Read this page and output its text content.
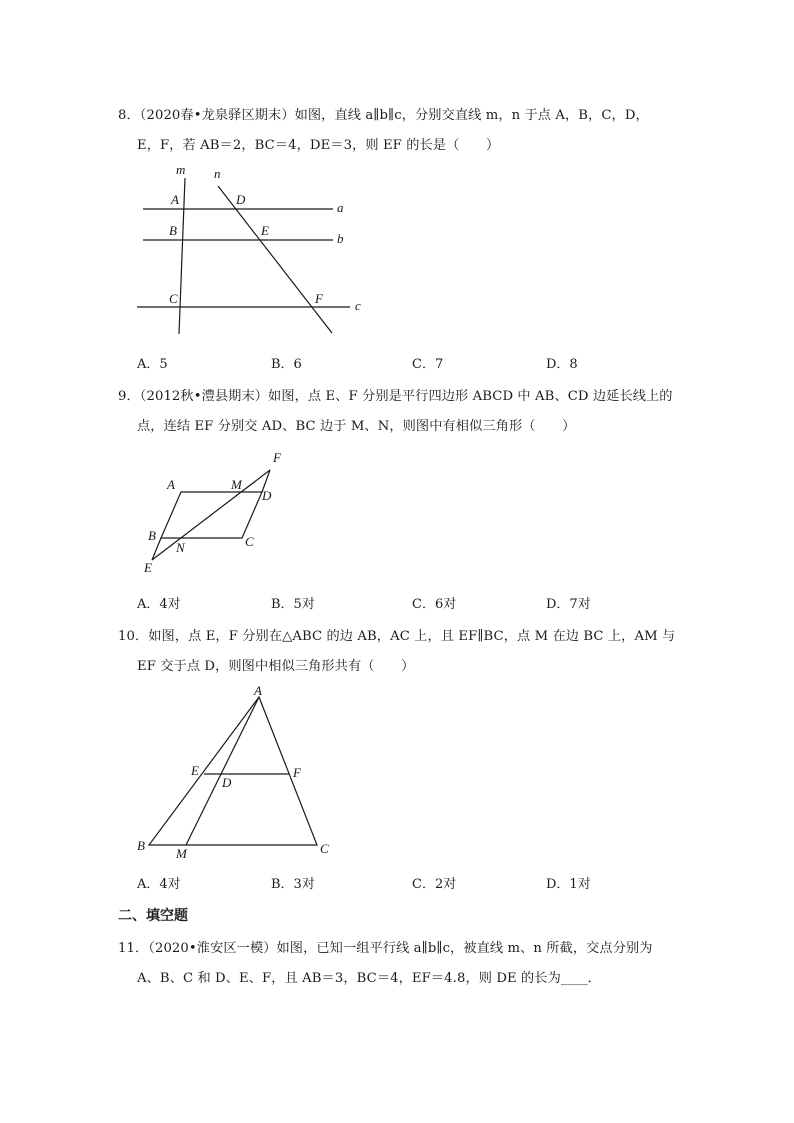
8．（2020春•龙泉驿区期末）如图，直线 a∥b∥c，分别交直线 m，n 于点 A，B，C，D，
E，F，若 AB＝2，BC＝4，DE＝3，则 EF 的长是（　　）
m n
a
b
c
A
B
C
D
E
F
A．5	B．6	C．7	D．8
9．（2012秋•澧县期末）如图，点 E、F 分别是平行四边形 ABCD 中 AB、CD 边延长线上的
点，连结 EF 分别交 AD、BC 边于 M、N，则图中有相似三角形（　　）
F
A	M
D
B	C
N
E
A．4对	B．5对	C．6对	D．7对
10．如图，点 E，F 分别在△ABC 的边 AB，AC 上，且 EF∥BC，点 M 在边 BC 上，AM 与
EF 交于点 D，则图中相似三角形共有（　　）
A
E	F
D
B
M	C
A．4对	B．3对	C．2对	D．1对
二、填空题
11．（2020•淮安区一模）如图，已知一组平行线 a∥b∥c，被直线 m、n 所截，交点分别为
A、B、C 和 D、E、F，且 AB＝3，BC＝4，EF＝4.8，则 DE 的长为____．
